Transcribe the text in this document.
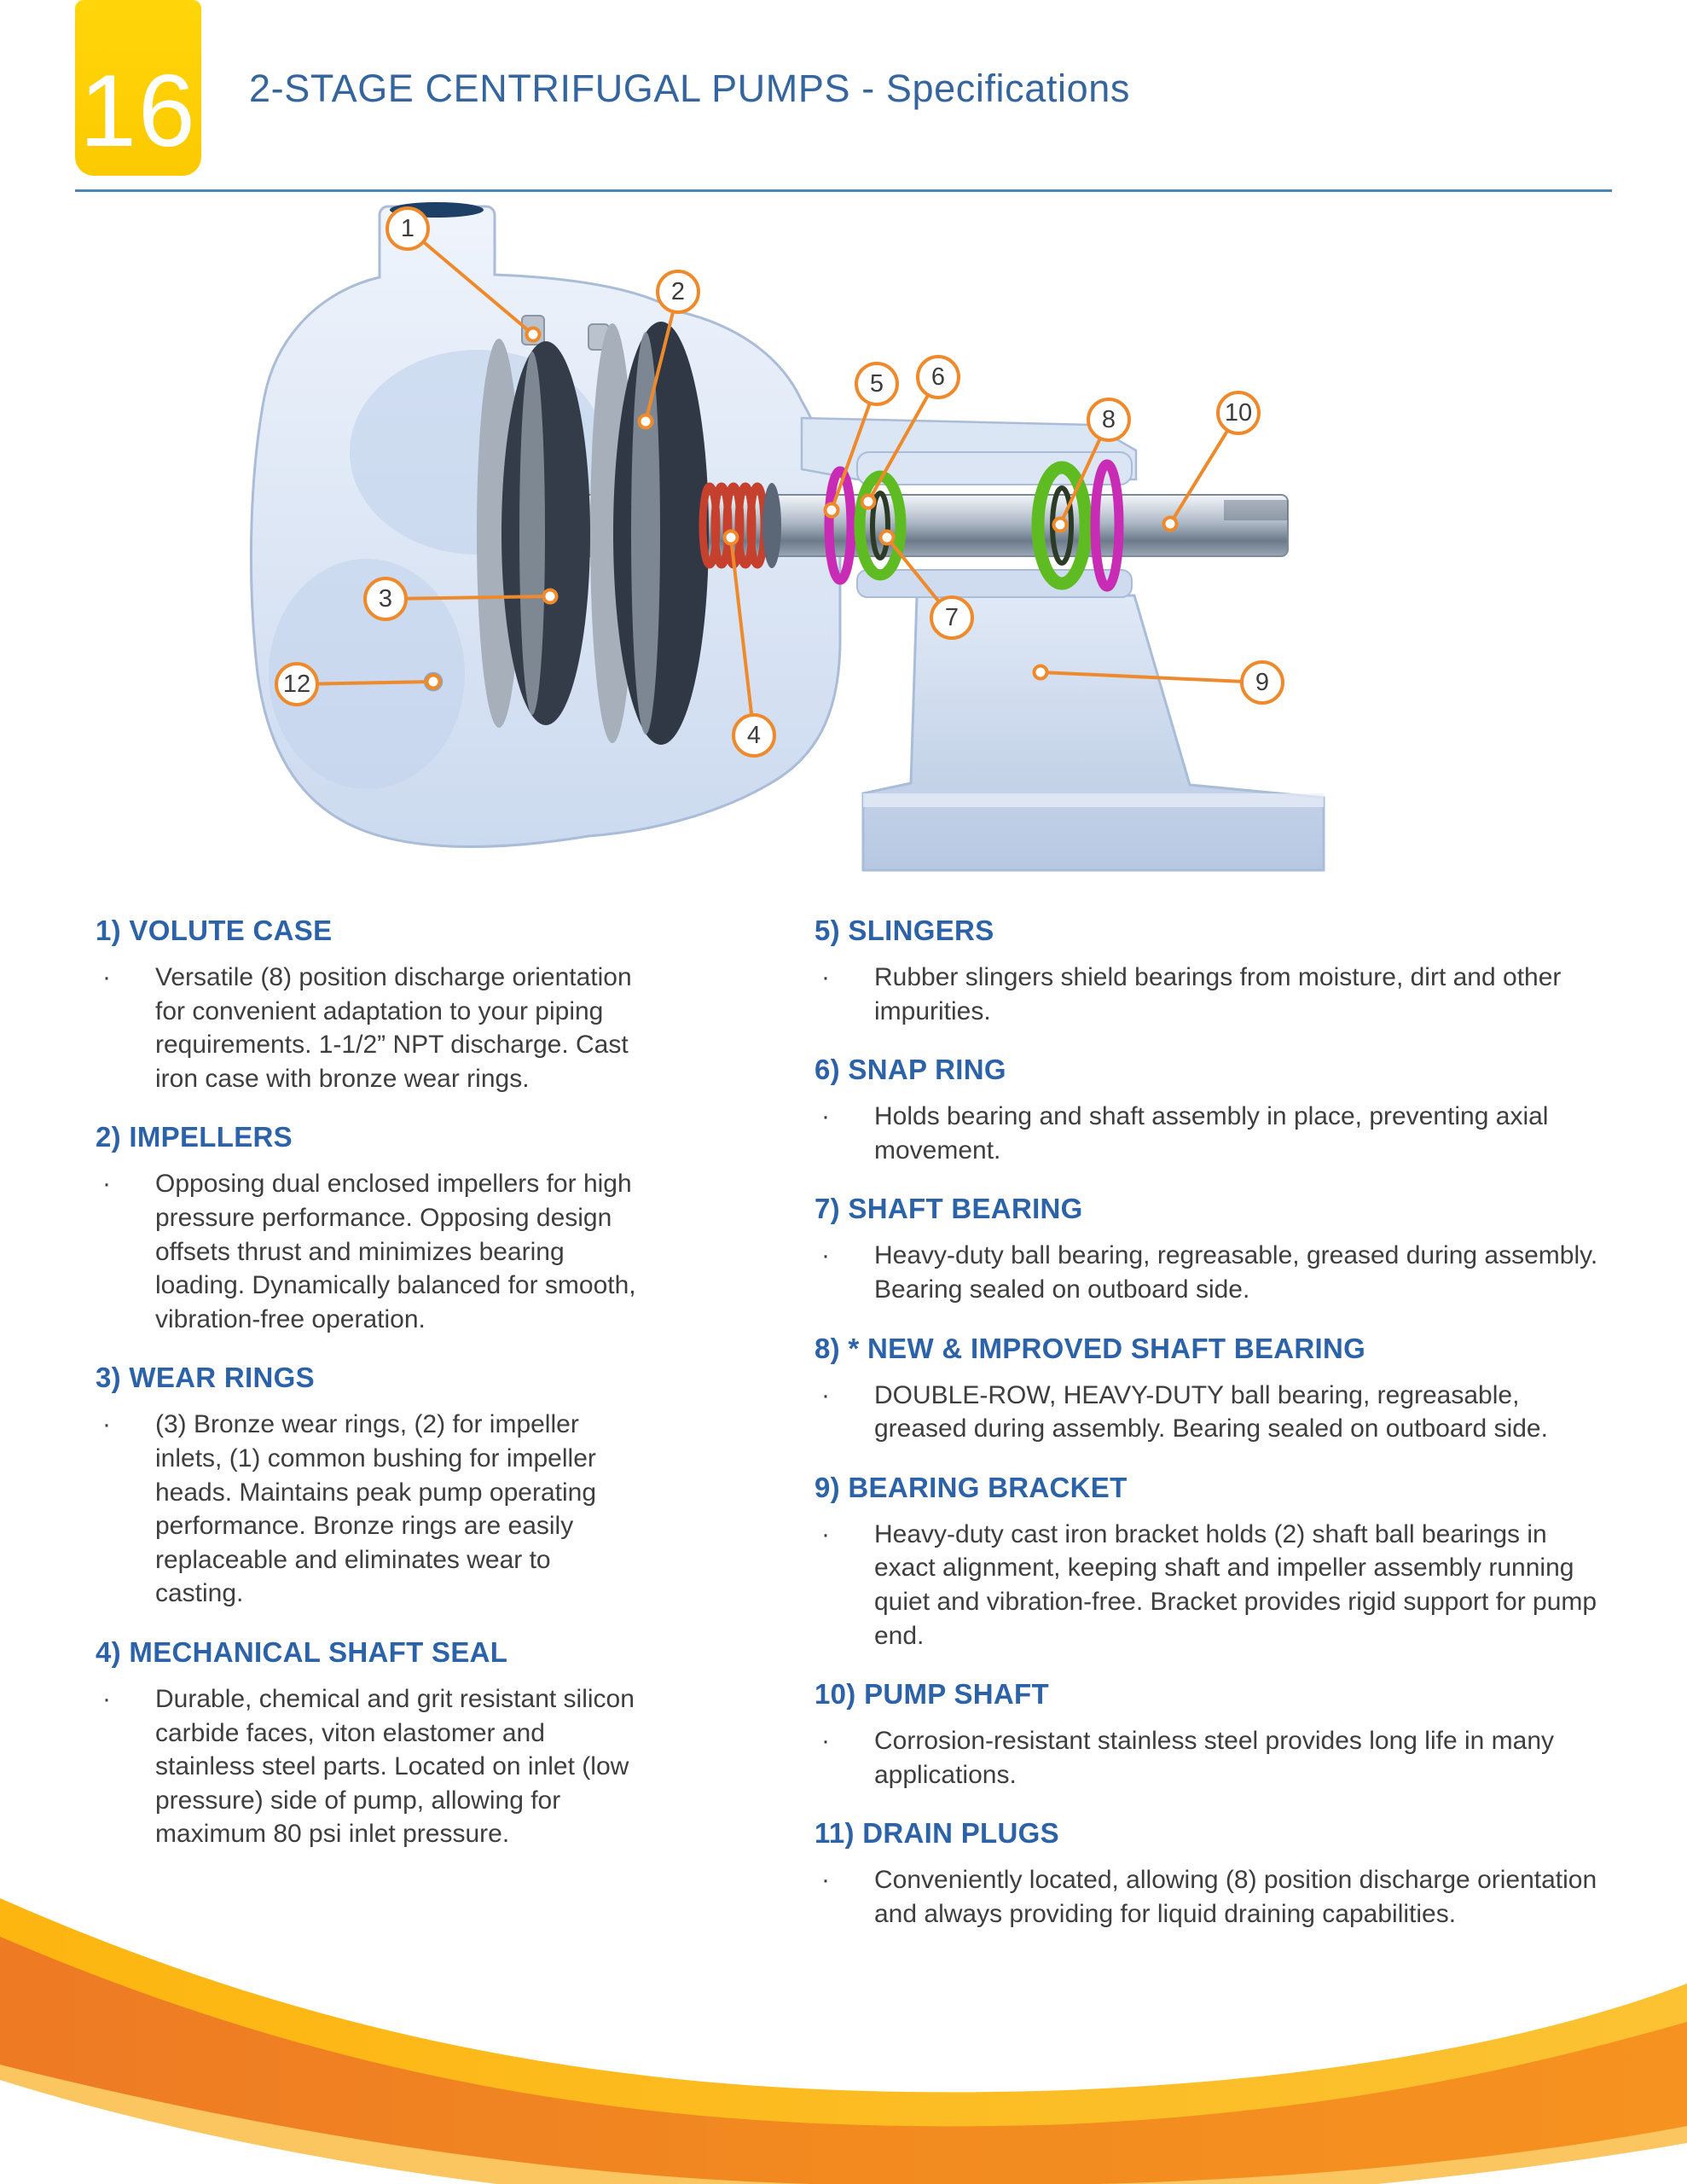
16 2-STAGE CENTRIFUGAL PUMPS - Specifications
1
2
3
4
5	6
7
8
9
10
12
1) VOLUTE CASE
·	Versatile (8) position discharge orientation for convenient adaptation to your piping requirements. 1-1/2” NPT discharge. Cast iron case with bronze wear rings.

2) IMPELLERS
·	Opposing dual enclosed impellers for high pressure performance. Opposing design offsets thrust and minimizes bearing loading. Dynamically balanced for smooth, vibration-free operation.

3) WEAR RINGS
·	(3) Bronze wear rings, (2) for impeller inlets, (1) common bushing for impeller heads. Maintains peak pump operating performance. Bronze rings are easily replaceable and eliminates wear to casting.

4) MECHANICAL SHAFT SEAL
·	Durable, chemical and grit resistant silicon carbide faces, viton elastomer and stainless steel parts. Located on inlet (low pressure) side of pump, allowing for maximum 80 psi inlet pressure.

5) SLINGERS
·	Rubber slingers shield bearings from moisture, dirt and other impurities.

6) SNAP RING
·	Holds bearing and shaft assembly in place, preventing axial movement.

7) SHAFT BEARING
·	Heavy-duty ball bearing, regreasable, greased during assembly. Bearing sealed on outboard side.

8) * NEW & IMPROVED SHAFT BEARING
·	DOUBLE-ROW, HEAVY-DUTY ball bearing, regreasable, greased during assembly. Bearing sealed on outboard side.

9) BEARING BRACKET
·	Heavy-duty cast iron bracket holds (2) shaft ball bearings in exact alignment, keeping shaft and impeller assembly running quiet and vibration-free. Bracket provides rigid support for pump end.

10) PUMP SHAFT
·	Corrosion-resistant stainless steel provides long life in many applications.

11) DRAIN PLUGS
·	Conveniently located, allowing (8) position discharge orientation and always providing for liquid draining capabilities.
